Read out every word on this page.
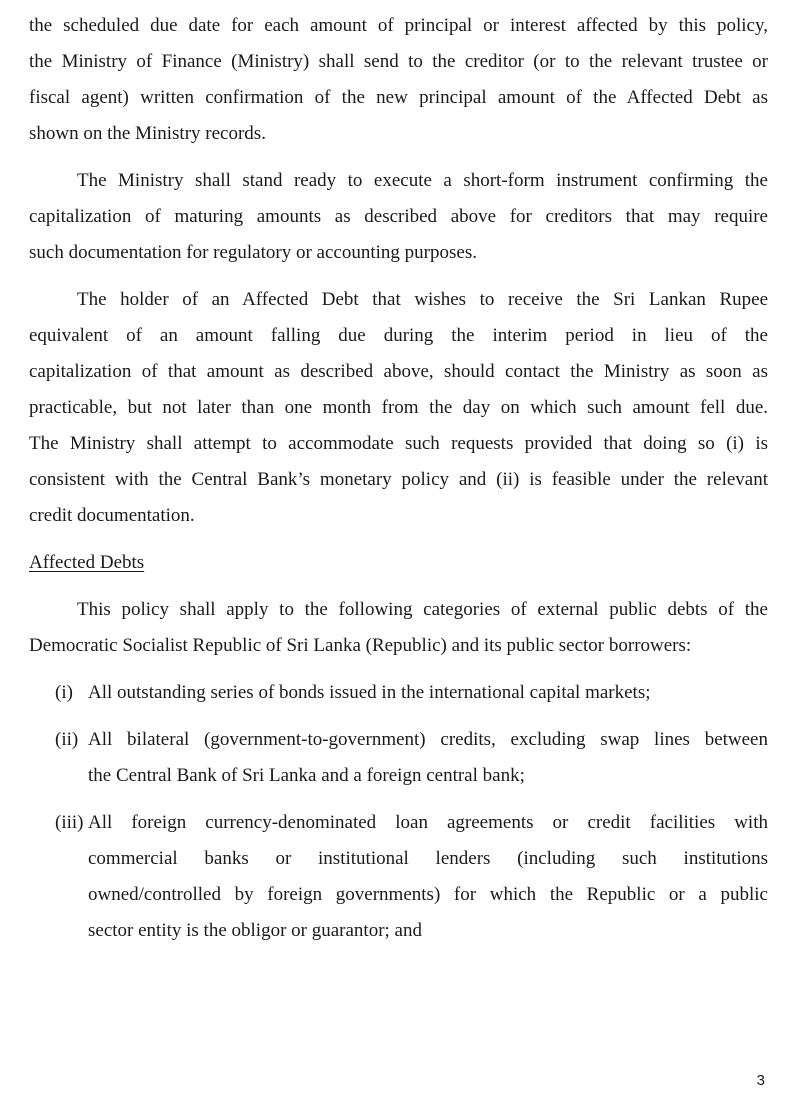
the scheduled due date for each amount of principal or interest affected by this policy,
the Ministry of Finance (Ministry) shall send to the creditor (or to the relevant trustee or
fiscal agent) written confirmation of the new principal amount of the Affected Debt as
shown on the Ministry records.

The Ministry shall stand ready to execute a short-form instrument confirming the
capitalization of maturing amounts as described above for creditors that may require
such documentation for regulatory or accounting purposes.

The holder of an Affected Debt that wishes to receive the Sri Lankan Rupee
equivalent of an amount falling due during the interim period in lieu of the
capitalization of that amount as described above, should contact the Ministry as soon as
practicable, but not later than one month from the day on which such amount fell due.
The Ministry shall attempt to accommodate such requests provided that doing so (i) is
consistent with the Central Bank’s monetary policy and (ii) is feasible under the relevant
credit documentation.

Affected Debts

This policy shall apply to the following categories of external public debts of the
Democratic Socialist Republic of Sri Lanka (Republic) and its public sector borrowers:

(i) All outstanding series of bonds issued in the international capital markets;
(ii) All bilateral (government-to-government) credits, excluding swap lines between
the Central Bank of Sri Lanka and a foreign central bank;
(iii) All foreign currency-denominated loan agreements or credit facilities with
commercial banks or institutional lenders (including such institutions
owned/controlled by foreign governments) for which the Republic or a public
sector entity is the obligor or guarantor; and
3
